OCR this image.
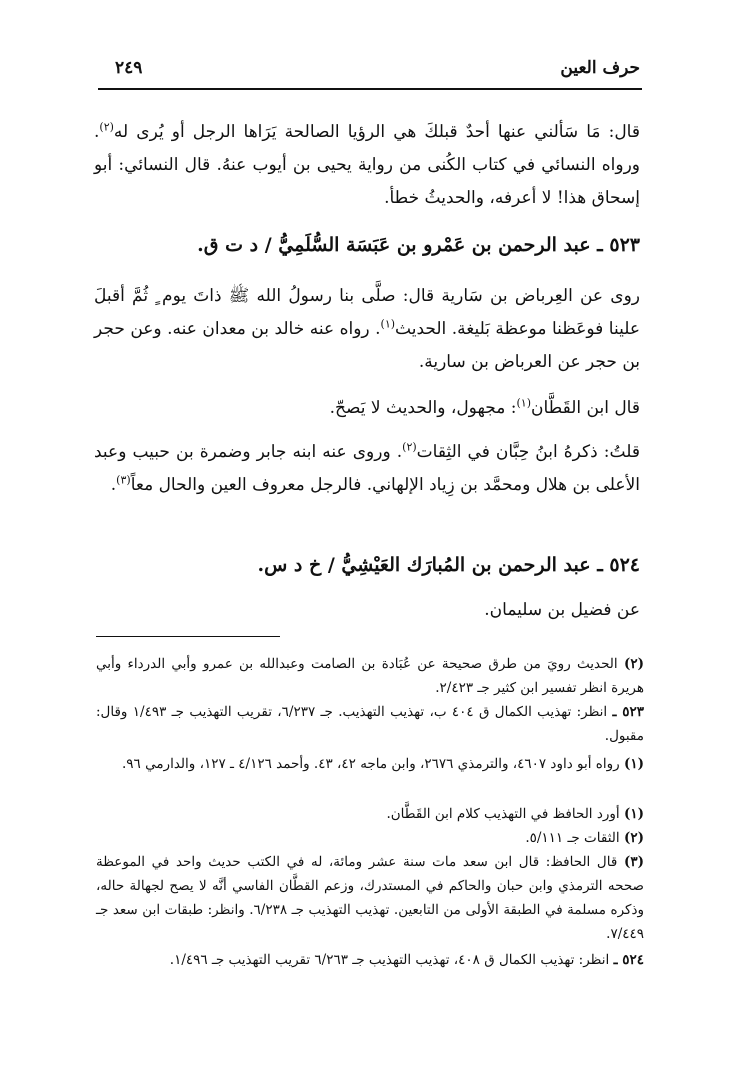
حرف العين
٢٤٩
قال: مَا سَألني عنها أحدٌ قبلكَ هي الرؤيا الصالحة يَرَاها الرجل أو يُرى له$^{(٢)}$. ورواه النسائي في كتاب الكُنى من رواية يحيى بن أيوب عنهُ. قال النسائي: أبو إسحاق هذا! لا أعرفه، والحديثُ خطأ.
٥٢٣ ـ عبد الرحمن بن عَمْرو بن عَبَسَة السُّلَمِيُّ / د ت ق.
روى عن العِرباض بن سَارية قال: صلَّى بنا رسولُ الله ﷺ ذاتَ يوم ٍ ثُمَّ أقبلَ علينا فوعَظنا موعظة بَليغة. الحديث$^{(١)}$. رواه عنه خالد بن معدان عنه. وعن حجر بن حجر عن العرباض بن سارية.
قال ابن القَطَّان$^{(١)}$: مجهول، والحديث لا يَصحّ.
قلتُ: ذكرهُ ابنُ حِبَّان في الثِقات$^{(٢)}$. وروى عنه ابنه جابر وضمرة بن حبيب وعبد الأعلى بن هلال ومحمَّد بن زِياد الإلهاني. فالرجل معروف العين والحال معاً$^{(٣)}$.
٥٢٤ ـ عبد الرحمن بن المُبارَك العَيْشِيُّ / خ د س.
عن فضيل بن سليمان.
(٢) الحديث رويَ من طرق صحيحة عن عُبَادة بن الصامت وعبدالله بن عمرو وأبي الدرداء وأبي هريرة انظر تفسير ابن كثير جـ ٢/٤٢٣.
٥٢٣ ـ انظر: تهذيب الكمال ق ٤٠٤ ب، تهذيب التهذيب. جـ ٦/٢٣٧، تقريب التهذيب جـ ١/٤٩٣ وقال: مقبول.
(١) رواه أبو داود ٤٦٠٧، والترمذي ٢٦٧٦، وابن ماجه ٤٢، ٤٣. وأحمد ٤/١٢٦ ـ ١٢٧، والدارمي ٩٦.
(١) أورد الحافظ في التهذيب كلام ابن القَطَّان.
(٢) الثقات جـ ٥/١١١.
(٣) قال الحافظ: قال ابن سعد مات سنة عشر ومائة، له في الكتب حديث واحد في الموعظة صححه الترمذي وابن حبان والحاكم في المستدرك، وزعم القطَّان الفاسي أنَّه لا يصح لجهالة حاله، وذكره مسلمة في الطبقة الأولى من التابعين. تهذيب التهذيب جـ ٦/٢٣٨. وانظر: طبقات ابن سعد جـ ٧/٤٤٩.
٥٢٤ ـ انظر: تهذيب الكمال ق ٤٠٨، تهذيب التهذيب جـ ٦/٢٦٣ تقريب التهذيب جـ ١/٤٩٦.
